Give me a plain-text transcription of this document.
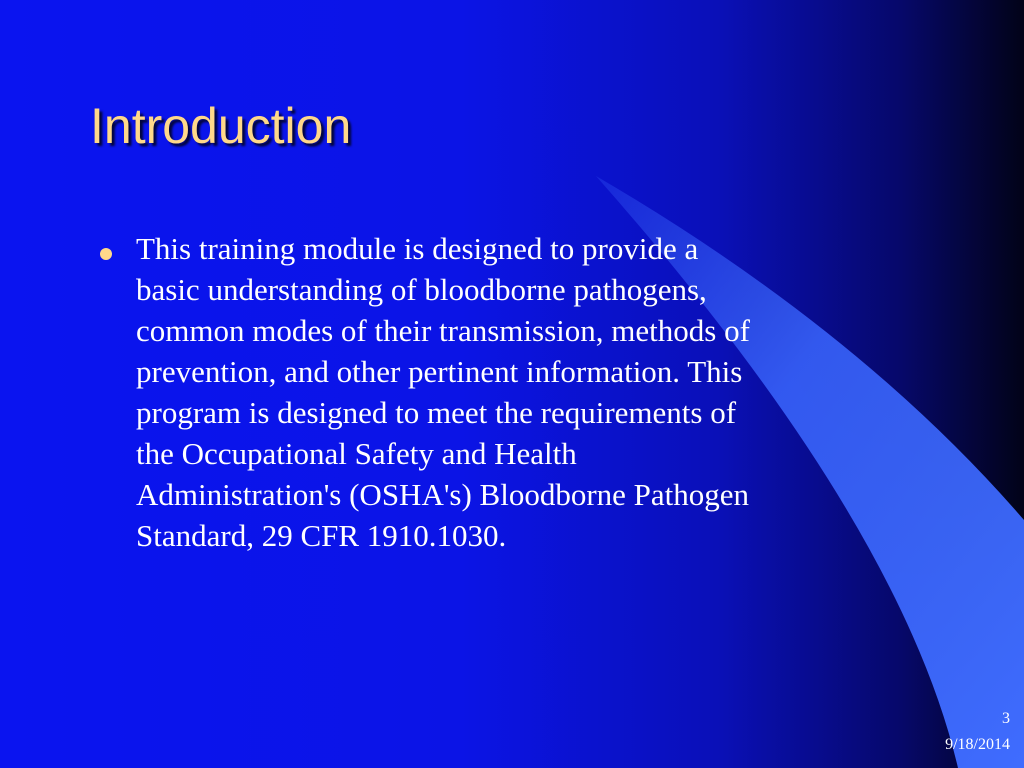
Introduction

This training module is designed to provide a
basic understanding of bloodborne pathogens,
common modes of their transmission, methods of
prevention, and other pertinent information. This
program is designed to meet the requirements of
the Occupational Safety and Health
Administration's (OSHA's) Bloodborne Pathogen
Standard, 29 CFR 1910.1030.

3
9/18/2014
